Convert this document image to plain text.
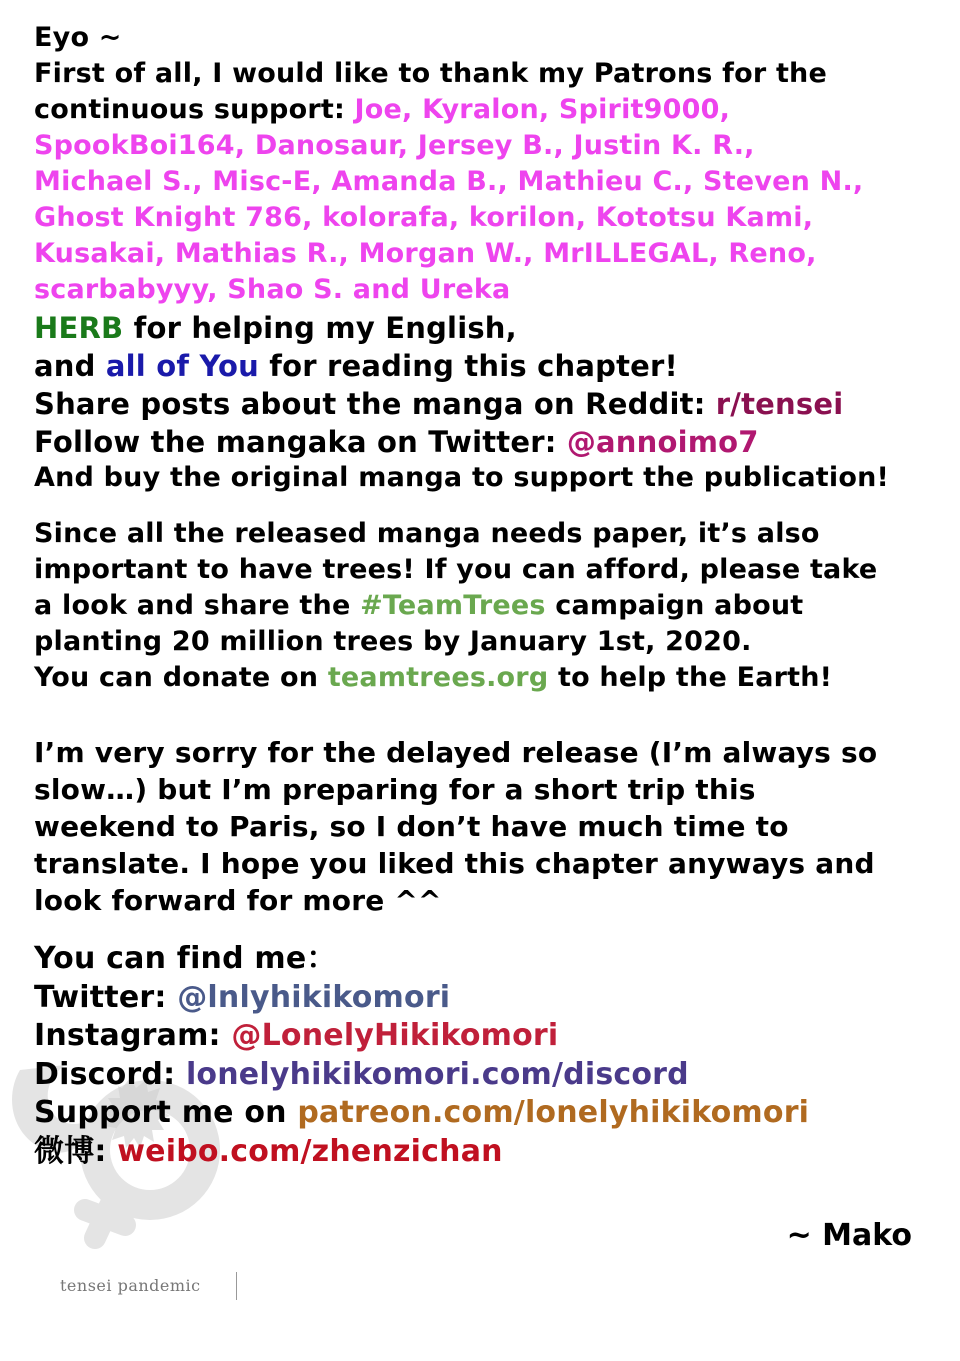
Eyo ~
First of all, I would like to thank my Patrons for the
continuous support: Joe, Kyralon, Spirit9000,
SpookBoi164, Danosaur, Jersey B., Justin K. R.,
Michael S., Misc-E, Amanda B., Mathieu C., Steven N.,
Ghost Knight 786, kolorafa, korilon, Kototsu Kami,
Kusakai, Mathias R., Morgan W., MrILLEGAL, Reno,
scarbabyyy, Shao S. and Ureka
HERB for helping my English,
and all of You for reading this chapter!
Share posts about the manga on Reddit: r/tensei
Follow the mangaka on Twitter: @annoimo7
And buy the original manga to support the publication!
Since all the released manga needs paper, it’s also
important to have trees! If you can afford, please take
a look and share the #TeamTrees campaign about
planting 20 million trees by January 1st, 2020.
You can donate on teamtrees.org to help the Earth!
I’m very sorry for the delayed release (I’m always so
slow…) but I’m preparing for a short trip this
weekend to Paris, so I don’t have much time to
translate. I hope you liked this chapter anyways and
look forward for more ^^
You can find me：
Twitter: @lnlyhikikomori
Instagram: @LonelyHikikomori
Discord: lonelyhikikomori.com/discord
Support me on patreon.com/lonelyhikikomori
微博: weibo.com/zhenzichan
~ Mako
tensei pandemic
